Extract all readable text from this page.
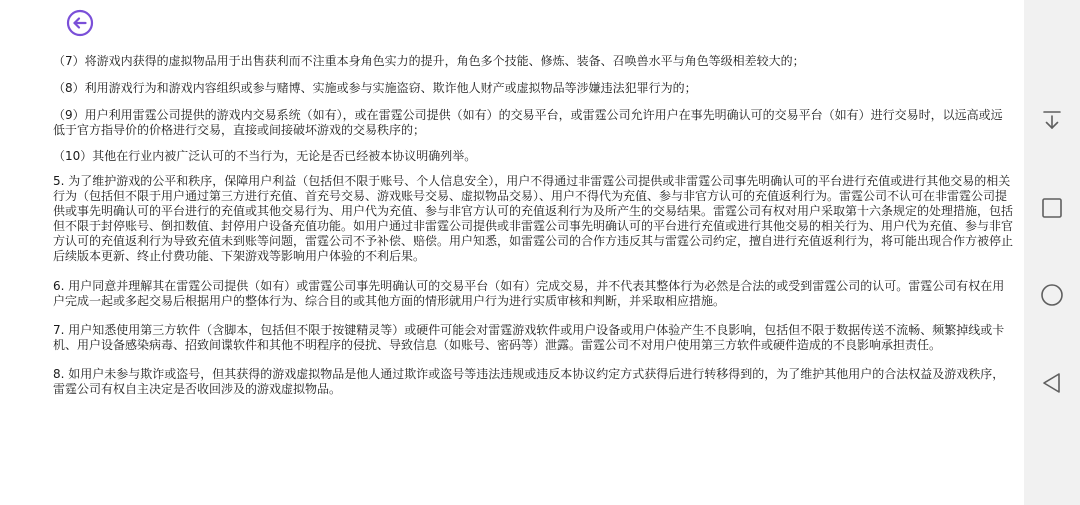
（7）将游戏内获得的虚拟物品用于出售获利而不注重本身角色实力的提升，角色多个技能、修炼、装备、召唤兽水平与角色等级相差较大的；

（8）利用游戏行为和游戏内容组织或参与赌博、实施或参与实施盗窃、欺诈他人财产或虚拟物品等涉嫌违法犯罪行为的；

（9）用户利用雷霆公司提供的游戏内交易系统（如有），或在雷霆公司提供（如有）的交易平台，或雷霆公司允许用户在事先明确认可的交易平台（如有）进行交易时，以远高或远低于官方指导价的价格进行交易，直接或间接破坏游戏的交易秩序的；

（10）其他在行业内被广泛认可的不当行为，无论是否已经被本协议明确列举。

5. 为了维护游戏的公平和秩序，保障用户利益（包括但不限于账号、个人信息安全），用户不得通过非雷霆公司提供或非雷霆公司事先明确认可的平台进行充值或进行其他交易的相关行为（包括但不限于用户通过第三方进行充值、首充号交易、游戏账号交易、虚拟物品交易）、用户不得代为充值、参与非官方认可的充值返利行为。雷霆公司不认可在非雷霆公司提供或事先明确认可的平台进行的充值或其他交易行为、用户代为充值、参与非官方认可的充值返利行为及所产生的交易结果。雷霆公司有权对用户采取第十六条规定的处理措施，包括但不限于封停账号、倒扣数值、封停用户设备充值功能。如用户通过非雷霆公司提供或非雷霆公司事先明确认可的平台进行充值或进行其他交易的相关行为、用户代为充值、参与非官方认可的充值返利行为导致充值未到账等问题，雷霆公司不予补偿、赔偿。用户知悉，如雷霆公司的合作方违反其与雷霆公司约定，擅自进行充值返利行为，将可能出现合作方被停止后续版本更新、终止付费功能、下架游戏等影响用户体验的不利后果。

6. 用户同意并理解其在雷霆公司提供（如有）或雷霆公司事先明确认可的交易平台（如有）完成交易，并不代表其整体行为必然是合法的或受到雷霆公司的认可。雷霆公司有权在用户完成一起或多起交易后根据用户的整体行为、综合目的或其他方面的情形就用户行为进行实质审核和判断，并采取相应措施。

7. 用户知悉使用第三方软件（含脚本，包括但不限于按键精灵等）或硬件可能会对雷霆游戏软件或用户设备或用户体验产生不良影响，包括但不限于数据传送不流畅、频繁掉线或卡机、用户设备感染病毒、招致间谍软件和其他不明程序的侵扰、导致信息（如账号、密码等）泄露。雷霆公司不对用户使用第三方软件或硬件造成的不良影响承担责任。

8. 如用户未参与欺诈或盗号，但其获得的游戏虚拟物品是他人通过欺诈或盗号等违法违规或违反本协议约定方式获得后进行转移得到的，为了维护其他用户的合法权益及游戏秩序，雷霆公司有权自主决定是否收回涉及的游戏虚拟物品。
